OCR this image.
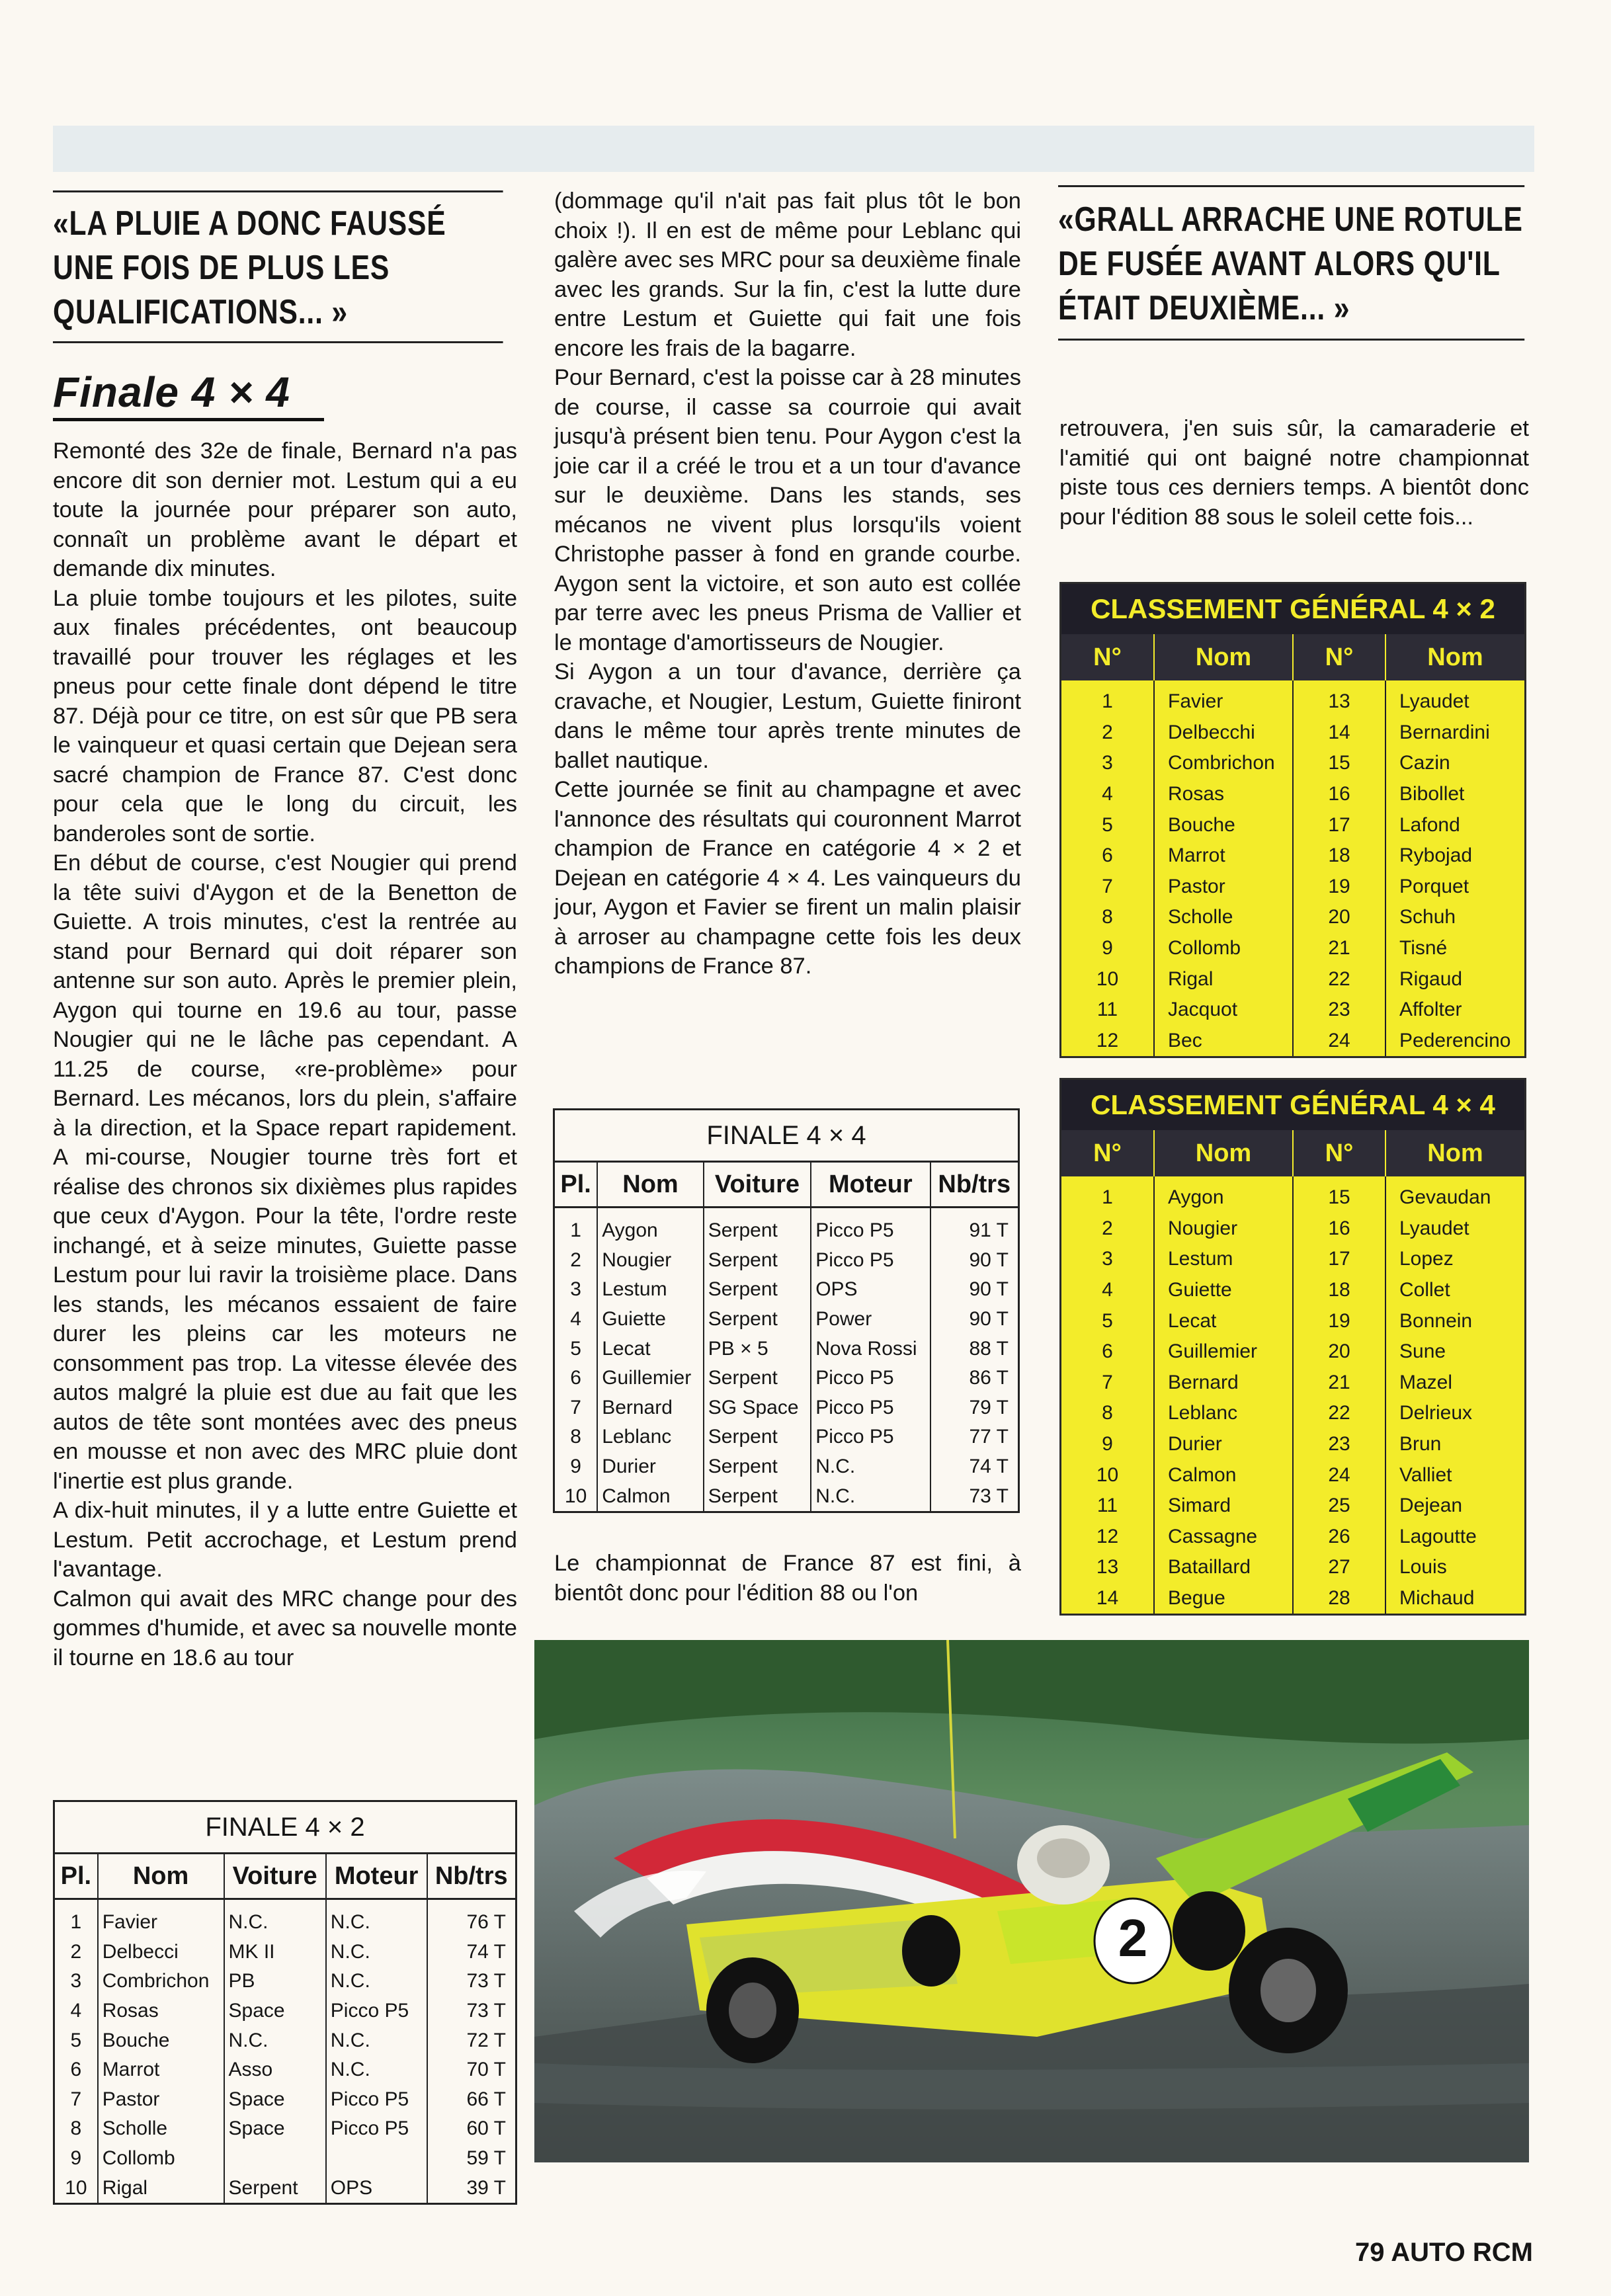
«LA PLUIE A DONC FAUSSÉ UNE FOIS DE PLUS LES QUALIFICATIONS... »
Finale 4 × 4

Remonté des 32e de finale, Bernard n'a pas encore dit son dernier mot. Lestum qui a eu toute la journée pour préparer son auto, connaît un problème avant le départ et demande dix minutes.

La pluie tombe toujours et les pilotes, suite aux finales précédentes, ont beaucoup travaillé pour trouver les réglages et les pneus pour cette finale dont dépend le titre 87. Déjà pour ce titre, on est sûr que PB sera le vainqueur et quasi certain que Dejean sera sacré champion de France 87. C'est donc pour cela que le long du circuit, les banderoles sont de sortie.

En début de course, c'est Nougier qui prend la tête suivi d'Aygon et de la Benetton de Guiette. A trois minutes, c'est la rentrée au stand pour Bernard qui doit réparer son antenne sur son auto. Après le premier plein, Aygon qui tourne en 19.6 au tour, passe Nougier qui ne le lâche pas cependant. A 11.25 de course, «re-problème» pour Bernard. Les mécanos, lors du plein, s'affaire à la direction, et la Space repart rapidement. A mi-course, Nougier tourne très fort et réalise des chronos six dixièmes plus rapides que ceux d'Aygon. Pour la tête, l'ordre reste inchangé, et à seize minutes, Guiette passe Lestum pour lui ravir la troisième place. Dans les stands, les mécanos essaient de faire durer les pleins car les moteurs ne consomment pas trop. La vitesse élevée des autos malgré la pluie est due au fait que les autos de tête sont montées avec des pneus en mousse et non avec des MRC pluie dont l'inertie est plus grande.

A dix-huit minutes, il y a lutte entre Guiette et Lestum. Petit accrochage, et Lestum prend l'avantage.

Calmon qui avait des MRC change pour des gommes d'humide, et avec sa nouvelle monte il tourne en 18.6 au tour

FINALE 4 × 2				
Pl.	Nom	Voiture	Moteur	Nb/trs
1	Favier	N.C.	N.C.	76 T
2	Delbecci	MK II	N.C.	74 T
3	Combrichon	PB	N.C.	73 T
4	Rosas	Space	Picco P5	73 T
5	Bouche	N.C.	N.C.	72 T
6	Marrot	Asso	N.C.	70 T
7	Pastor	Space	Picco P5	66 T
8	Scholle	Space	Picco P5	60 T
9	Collomb			59 T
10	Rigal	Serpent	OPS	39 T

(dommage qu'il n'ait pas fait plus tôt le bon choix !). Il en est de même pour Leblanc qui galère avec ses MRC pour sa deuxième finale avec les grands. Sur la fin, c'est la lutte dure entre Lestum et Guiette qui fait une fois encore les frais de la bagarre.

Pour Bernard, c'est la poisse car à 28 minutes de course, il casse sa courroie qui avait jusqu'à présent bien tenu. Pour Aygon c'est la joie car il a créé le trou et a un tour d'avance sur le deuxième. Dans les stands, ses mécanos ne vivent plus lorsqu'ils voient Christophe passer à fond en grande courbe. Aygon sent la victoire, et son auto est collée par terre avec les pneus Prisma de Vallier et le montage d'amortisseurs de Nougier.

Si Aygon a un tour d'avance, derrière ça cravache, et Nougier, Lestum, Guiette finiront dans le même tour après trente minutes de ballet nautique.

Cette journée se finit au champagne et avec l'annonce des résultats qui couronnent Marrot champion de France en catégorie 4 × 2 et Dejean en catégorie 4 × 4. Les vainqueurs du jour, Aygon et Favier se firent un malin plaisir à arroser au champagne cette fois les deux champions de France 87.

FINALE 4 × 4				
Pl.	Nom	Voiture	Moteur	Nb/trs
1	Aygon	Serpent	Picco P5	91 T
2	Nougier	Serpent	Picco P5	90 T
3	Lestum	Serpent	OPS	90 T
4	Guiette	Serpent	Power	90 T
5	Lecat	PB × 5	Nova Rossi	88 T
6	Guillemier	Serpent	Picco P5	86 T
7	Bernard	SG Space	Picco P5	79 T
8	Leblanc	Serpent	Picco P5	77 T
9	Durier	Serpent	N.C.	74 T
10	Calmon	Serpent	N.C.	73 T

Le championnat de France 87 est fini, à bientôt donc pour l'édition 88 ou l'on

«GRALL ARRACHE UNE ROTULE DE FUSÉE AVANT ALORS QU'IL ÉTAIT DEUXIÈME... »

retrouvera, j'en suis sûr, la camaraderie et l'amitié qui ont baigné notre championnat piste tous ces derniers temps. A bientôt donc pour l'édition 88 sous le soleil cette fois...

CLASSEMENT GÉNÉRAL 4 × 2
N°	Nom	N°	Nom
1	Favier	13	Lyaudet
2	Delbecchi	14	Bernardini
3	Combrichon	15	Cazin
4	Rosas	16	Bibollet
5	Bouche	17	Lafond
6	Marrot	18	Rybojad
7	Pastor	19	Porquet
8	Scholle	20	Schuh
9	Collomb	21	Tisné
10	Rigal	22	Rigaud
11	Jacquot	23	Affolter
12	Bec	24	Pederencino
CLASSEMENT GÉNÉRAL 4 × 4
N°	Nom	N°	Nom
1	Aygon	15	Gevaudan
2	Nougier	16	Lyaudet
3	Lestum	17	Lopez
4	Guiette	18	Collet
5	Lecat	19	Bonnein
6	Guillemier	20	Sune
7	Bernard	21	Mazel
8	Leblanc	22	Delrieux
9	Durier	23	Brun
10	Calmon	24	Valliet
11	Simard	25	Dejean
12	Cassagne	26	Lagoutte
13	Bataillard	27	Louis
14	Begue	28	Michaud
2
79 AUTO RCM
